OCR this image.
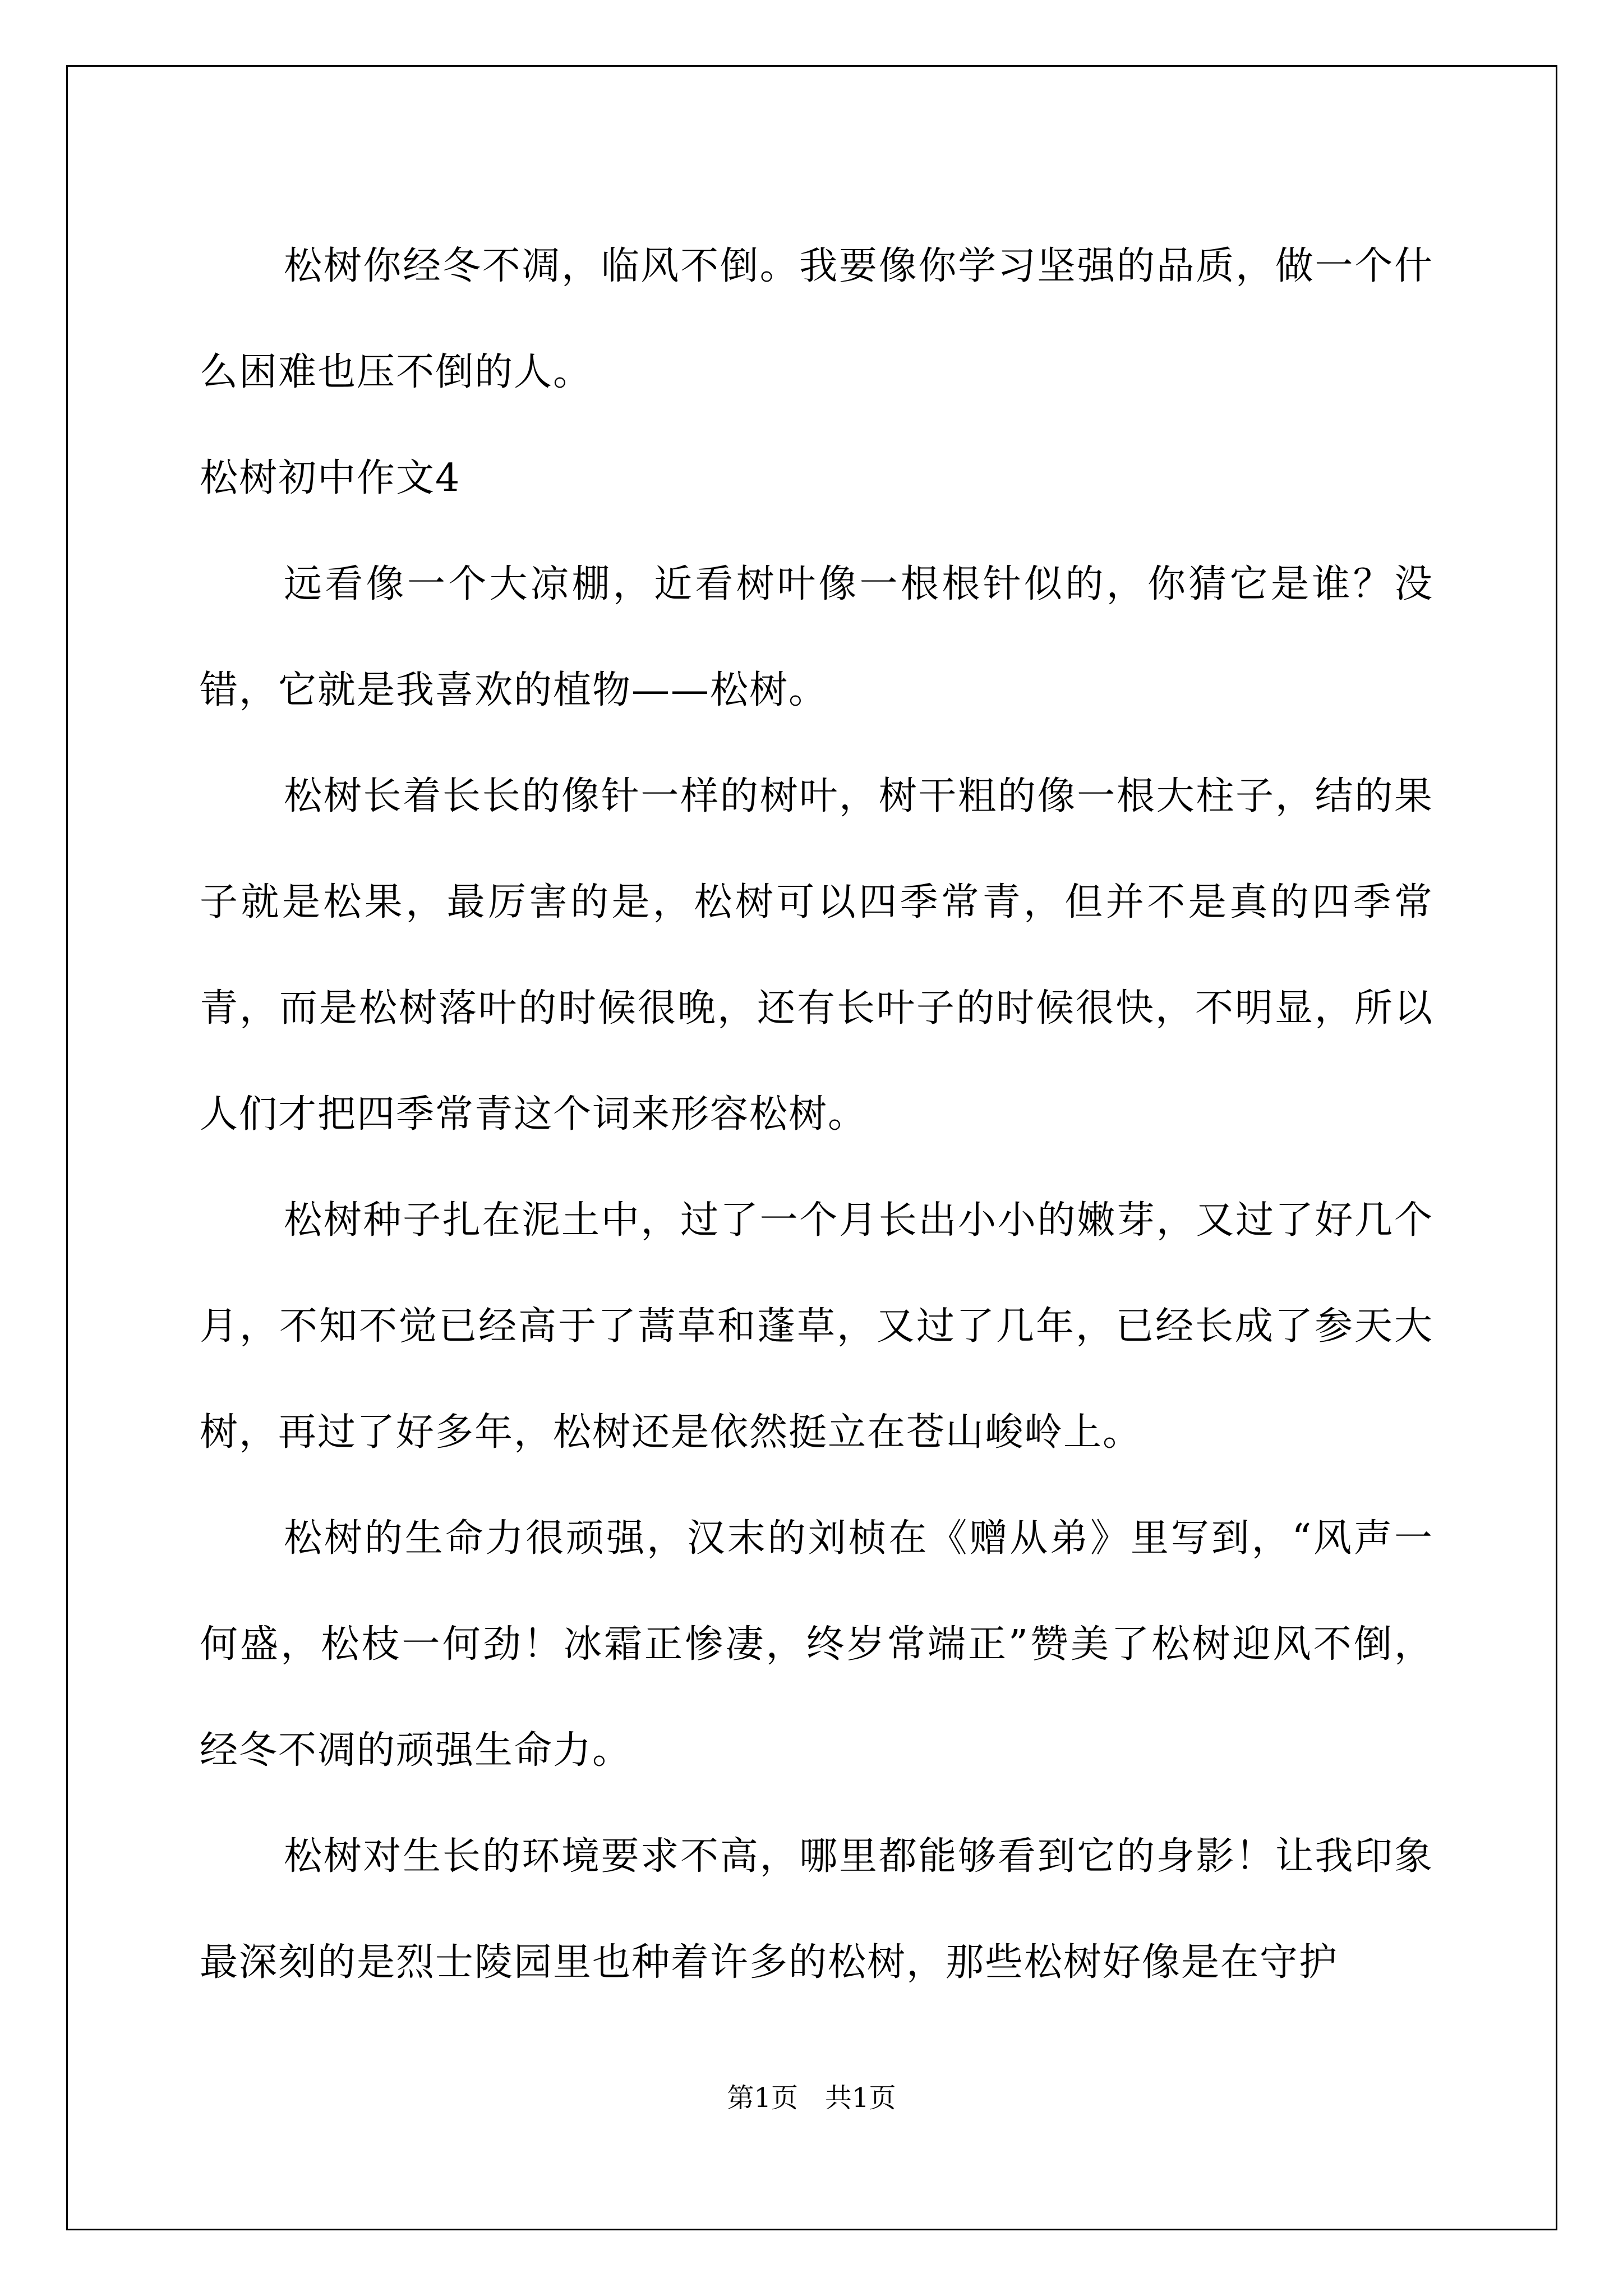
松树你经冬不凋，临风不倒。我要像你学习坚强的品质，做一个什么困难也压不倒的人。

松树初中作文4

远看像一个大凉棚，近看树叶像一根根针似的，你猜它是谁？没错，它就是我喜欢的植物——松树。

松树长着长长的像针一样的树叶，树干粗的像一根大柱子，结的果子就是松果，最厉害的是，松树可以四季常青，但并不是真的四季常青，而是松树落叶的时候很晚，还有长叶子的时候很快，不明显，所以人们才把四季常青这个词来形容松树。

松树种子扎在泥土中，过了一个月长出小小的嫩芽，又过了好几个月，不知不觉已经高于了蒿草和蓬草，又过了几年，已经长成了参天大树，再过了好多年，松树还是依然挺立在苍山峻岭上。

松树的生命力很顽强，汉末的刘桢在《赠从弟》里写到，“风声一何盛，松枝一何劲！冰霜正惨凄，终岁常端正”赞美了松树迎风不倒，经冬不凋的顽强生命力。

松树对生长的环境要求不高，哪里都能够看到它的身影！让我印象最深刻的是烈士陵园里也种着许多的松树，那些松树好像是在守护

第1页　共1页
